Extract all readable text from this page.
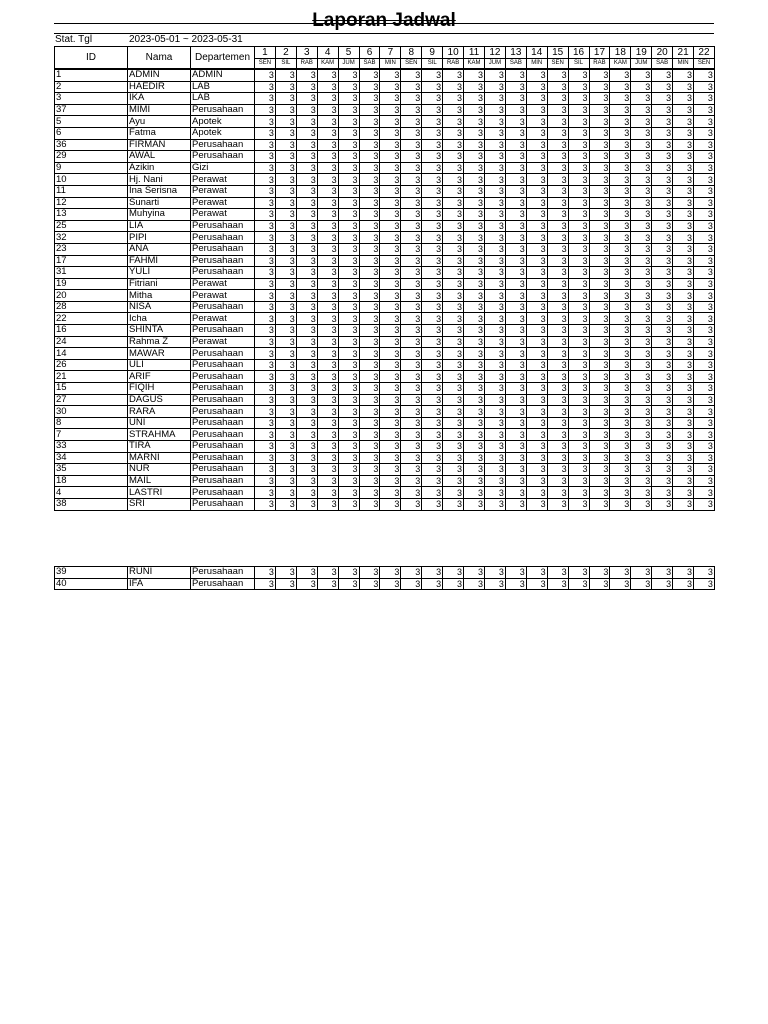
Laporan Jadwal
Stat. Tgl	2023-05-01 ~ 2023-05-31
ID	Nama	Departemen	1	2	3	4	5	6	7	8	9	10	11	12	13	14	15	16	17	18	19	20	21	22
			SEN	SIL	RAB	KAM	JUM	SAB	MIN	SEN	SIL	RAB	KAM	JUM	SAB	MIN	SEN	SIL	RAB	KAM	JUM	SAB	MIN	SEN
1	ADMIN	ADMIN	3	3	3	3	3	3	3	3	3	3	3	3	3	3	3	3	3	3	3	3	3	3
2	HAEDIR	LAB	3	3	3	3	3	3	3	3	3	3	3	3	3	3	3	3	3	3	3	3	3	3
3	IKA	LAB	3	3	3	3	3	3	3	3	3	3	3	3	3	3	3	3	3	3	3	3	3	3
37	MIMI	Perusahaan	3	3	3	3	3	3	3	3	3	3	3	3	3	3	3	3	3	3	3	3	3	3
5	Ayu	Apotek	3	3	3	3	3	3	3	3	3	3	3	3	3	3	3	3	3	3	3	3	3	3
6	Fatma	Apotek	3	3	3	3	3	3	3	3	3	3	3	3	3	3	3	3	3	3	3	3	3	3
36	FIRMAN	Perusahaan	3	3	3	3	3	3	3	3	3	3	3	3	3	3	3	3	3	3	3	3	3	3
29	AWAL	Perusahaan	3	3	3	3	3	3	3	3	3	3	3	3	3	3	3	3	3	3	3	3	3	3
9	Azikin	Gizi	3	3	3	3	3	3	3	3	3	3	3	3	3	3	3	3	3	3	3	3	3	3
10	Hj. Nani	Perawat	3	3	3	3	3	3	3	3	3	3	3	3	3	3	3	3	3	3	3	3	3	3
11	Ina Serisna	Perawat	3	3	3	3	3	3	3	3	3	3	3	3	3	3	3	3	3	3	3	3	3	3
12	Sunarti	Perawat	3	3	3	3	3	3	3	3	3	3	3	3	3	3	3	3	3	3	3	3	3	3
13	Muhyina	Perawat	3	3	3	3	3	3	3	3	3	3	3	3	3	3	3	3	3	3	3	3	3	3
25	LIA	Perusahaan	3	3	3	3	3	3	3	3	3	3	3	3	3	3	3	3	3	3	3	3	3	3
32	PIPI	Perusahaan	3	3	3	3	3	3	3	3	3	3	3	3	3	3	3	3	3	3	3	3	3	3
23	ANA	Perusahaan	3	3	3	3	3	3	3	3	3	3	3	3	3	3	3	3	3	3	3	3	3	3
17	FAHMI	Perusahaan	3	3	3	3	3	3	3	3	3	3	3	3	3	3	3	3	3	3	3	3	3	3
31	YULI	Perusahaan	3	3	3	3	3	3	3	3	3	3	3	3	3	3	3	3	3	3	3	3	3	3
19	Fitriani	Perawat	3	3	3	3	3	3	3	3	3	3	3	3	3	3	3	3	3	3	3	3	3	3
20	Mitha	Perawat	3	3	3	3	3	3	3	3	3	3	3	3	3	3	3	3	3	3	3	3	3	3
28	NISA	Perusahaan	3	3	3	3	3	3	3	3	3	3	3	3	3	3	3	3	3	3	3	3	3	3
22	Icha	Perawat	3	3	3	3	3	3	3	3	3	3	3	3	3	3	3	3	3	3	3	3	3	3
16	SHINTA	Perusahaan	3	3	3	3	3	3	3	3	3	3	3	3	3	3	3	3	3	3	3	3	3	3
24	Rahma Z	Perawat	3	3	3	3	3	3	3	3	3	3	3	3	3	3	3	3	3	3	3	3	3	3
14	MAWAR	Perusahaan	3	3	3	3	3	3	3	3	3	3	3	3	3	3	3	3	3	3	3	3	3	3
26	ULI	Perusahaan	3	3	3	3	3	3	3	3	3	3	3	3	3	3	3	3	3	3	3	3	3	3
21	ARIF	Perusahaan	3	3	3	3	3	3	3	3	3	3	3	3	3	3	3	3	3	3	3	3	3	3
15	FIQIH	Perusahaan	3	3	3	3	3	3	3	3	3	3	3	3	3	3	3	3	3	3	3	3	3	3
27	DAGUS	Perusahaan	3	3	3	3	3	3	3	3	3	3	3	3	3	3	3	3	3	3	3	3	3	3
30	RARA	Perusahaan	3	3	3	3	3	3	3	3	3	3	3	3	3	3	3	3	3	3	3	3	3	3
8	UNI	Perusahaan	3	3	3	3	3	3	3	3	3	3	3	3	3	3	3	3	3	3	3	3	3	3
7	STRAHMA	Perusahaan	3	3	3	3	3	3	3	3	3	3	3	3	3	3	3	3	3	3	3	3	3	3
33	TIRA	Perusahaan	3	3	3	3	3	3	3	3	3	3	3	3	3	3	3	3	3	3	3	3	3	3
34	MARNI	Perusahaan	3	3	3	3	3	3	3	3	3	3	3	3	3	3	3	3	3	3	3	3	3	3
35	NUR	Perusahaan	3	3	3	3	3	3	3	3	3	3	3	3	3	3	3	3	3	3	3	3	3	3
18	MAIL	Perusahaan	3	3	3	3	3	3	3	3	3	3	3	3	3	3	3	3	3	3	3	3	3	3
4	LASTRI	Perusahaan	3	3	3	3	3	3	3	3	3	3	3	3	3	3	3	3	3	3	3	3	3	3
38	SRI	Perusahaan	3	3	3	3	3	3	3	3	3	3	3	3	3	3	3	3	3	3	3	3	3	3
39	RUNI	Perusahaan	3	3	3	3	3	3	3	3	3	3	3	3	3	3	3	3	3	3	3	3	3	3
40	IFA	Perusahaan	3	3	3	3	3	3	3	3	3	3	3	3	3	3	3	3	3	3	3	3	3	3
